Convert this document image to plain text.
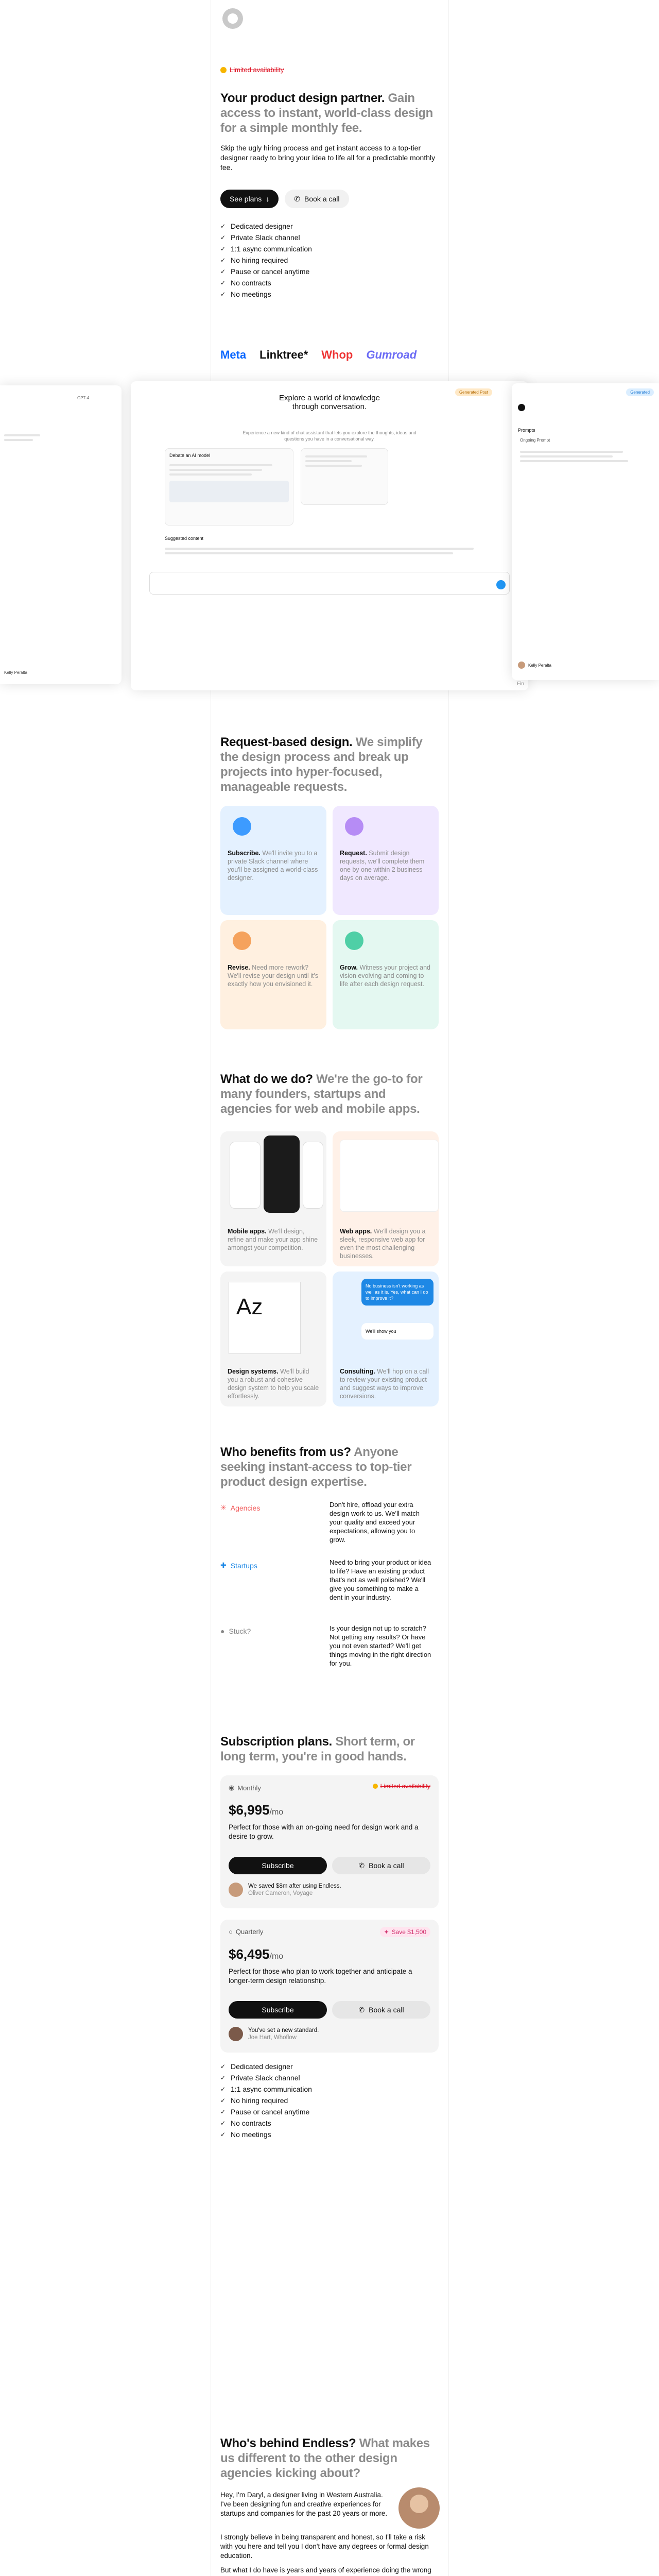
Limited availability
Your product design partner. Gain access to instant, world-class design for a simple monthly fee.

Skip the ugly hiring process and get instant access to a top-tier designer ready to bring your idea to life all for a predictable monthly fee.

See plans ↓	✆ Book a call
✓ Dedicated designer
✓ Private Slack channel
✓ 1:1 async communication
✓ No hiring required
✓ Pause or cancel anytime
✓ No contracts
✓ No meetings
Meta Linktree* Whop Gumroad
GPT-4
Kelly Peralta
Generated Post
Explore a world of knowledge through conversation.
Experience a new kind of chat assistant that lets you explore the thoughts, ideas and questions you have in a conversational way.
Debate an AI model
Suggested content
Generated
Prompts
Ongoing Prompt
Kelly Peralta
Fin
Request-based design. We simplify the design process and break up projects into hyper-focused, manageable requests.

Subscribe. We'll invite you to a private Slack channel where you'll be assigned a world-class designer.

Request. Submit design requests, we'll complete them one by one within 2 business days on average.

Revise. Need more rework? We'll revise your design until it's exactly how you envisioned it.

Grow. Witness your project and vision evolving and coming to life after each design request.

What do we do? We're the go-to for many founders, startups and agencies for web and mobile apps.
Mobile apps. We'll design, refine and make your app shine amongst your competition.
Web apps. We'll design you a sleek, responsive web app for even the most challenging businesses.
Az
Design systems. We'll build you a robust and cohesive design system to help you scale effortlessly.
No business isn't working as well as it is. Yes, what can I do to improve it?
We'll show you
Consulting. We'll hop on a call to review your existing product and suggest ways to improve conversions.
Who benefits from us? Anyone seeking instant-access to top-tier product design expertise.
✳ Agencies	Don't hire, offload your extra design work to us. We'll match your quality and exceed your expectations, allowing you to grow.

✚ Startups	Need to bring your product or idea to life? Have an existing product that's not as well polished? We'll give you something to make a dent in your industry.

● Stuck?	Is your design not up to scratch? Not getting any results? Or have you not even started? We'll get things moving in the right direction for you.

Subscription plans. Short term, or long term, you're in good hands.
◉ Monthly	Limited availability
$6,995/mo

Perfect for those with an on-going need for design work and a desire to grow.

Subscribe	✆ Book a call
We saved $8m after using Endless.
Oliver Cameron, Voyage
○ Quarterly	✦ Save $1,500
$6,495/mo

Perfect for those who plan to work together and anticipate a longer-term design relationship.

Subscribe	✆ Book a call
You've set a new standard.
Joe Hart, Whoflow
✓ Dedicated designer
✓ Private Slack channel
✓ 1:1 async communication
✓ No hiring required
✓ Pause or cancel anytime
✓ No contracts
✓ No meetings
Who's behind Endless? What makes us different to the other design agencies kicking about?

Hey, I'm Daryl, a designer living in Western Australia. I've been designing fun and creative experiences for startups and companies for the past 20 years or more.

I strongly believe in being transparent and honest, so I'll take a risk with you here and tell you I don't have any degrees or formal design education.

But what I do have is years and years of experience doing the wrong
